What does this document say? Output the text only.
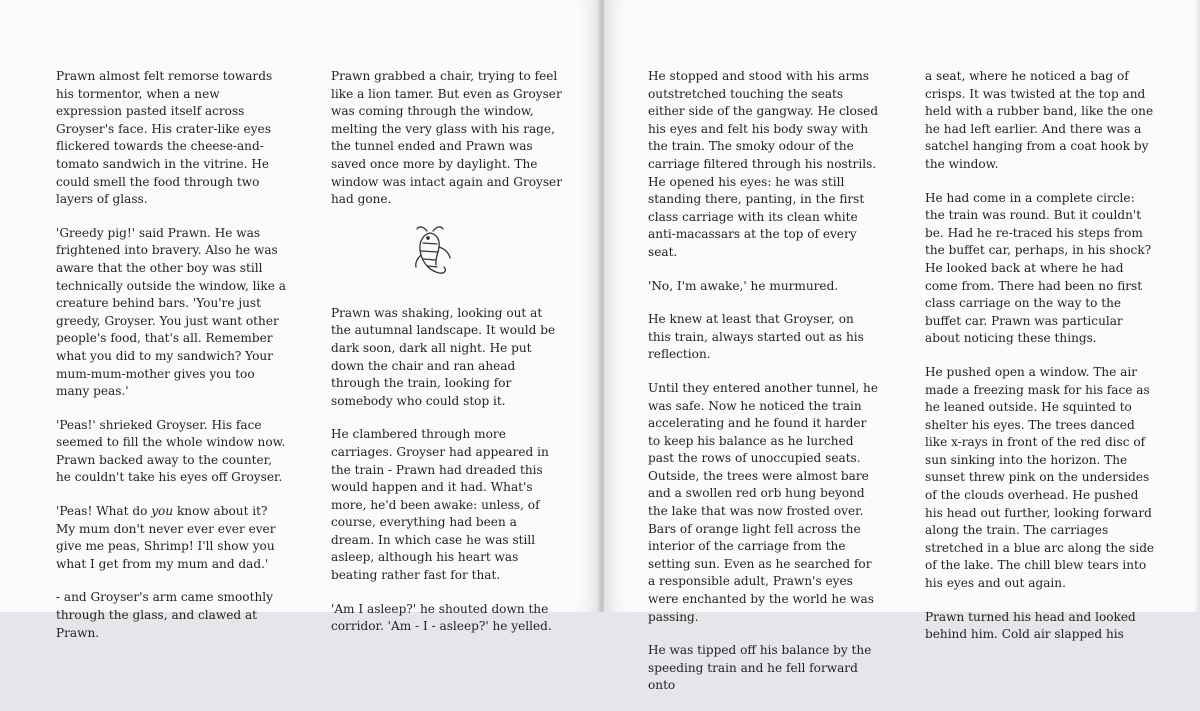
Prawn almost felt remorse towards his tormentor, when a new expression pasted itself across Groyser's face. His crater-like eyes flickered towards the cheese-and-tomato sandwich in the vitrine. He could smell the food through two layers of glass.

'Greedy pig!' said Prawn. He was frightened into bravery. Also he was aware that the other boy was still technically outside the window, like a creature behind bars. 'You're just greedy, Groyser. You just want other people's food, that's all. Remember what you did to my sandwich? Your mum-mum-mother gives you too many peas.'

'Peas!' shrieked Groyser. His face seemed to fill the whole window now. Prawn backed away to the counter, he couldn't take his eyes off Groyser.

'Peas! What do you know about it? My mum don't never ever ever ever give me peas, Shrimp! I'll show you what I get from my mum and dad.'

- and Groyser's arm came smoothly through the glass, and clawed at Prawn.

Prawn grabbed a chair, trying to feel like a lion tamer. But even as Groyser was coming through the window, melting the very glass with his rage, the tunnel ended and Prawn was saved once more by daylight. The window was intact again and Groyser had gone.

Prawn was shaking, looking out at the autumnal landscape. It would be dark soon, dark all night. He put down the chair and ran ahead through the train, looking for somebody who could stop it.

He clambered through more carriages. Groyser had appeared in the train - Prawn had dreaded this would happen and it had. What's more, he'd been awake: unless, of course, everything had been a dream. In which case he was still asleep, although his heart was beating rather fast for that.

'Am I asleep?' he shouted down the corridor. 'Am - I - asleep?' he yelled.

He stopped and stood with his arms outstretched touching the seats either side of the gangway. He closed his eyes and felt his body sway with the train. The smoky odour of the carriage filtered through his nostrils. He opened his eyes: he was still standing there, panting, in the first class carriage with its clean white anti-macassars at the top of every seat.

'No, I'm awake,' he murmured.

He knew at least that Groyser, on this train, always started out as his reflection.

Until they entered another tunnel, he was safe. Now he noticed the train accelerating and he found it harder to keep his balance as he lurched past the rows of unoccupied seats. Outside, the trees were almost bare and a swollen red orb hung beyond the lake that was now frosted over. Bars of orange light fell across the interior of the carriage from the setting sun. Even as he searched for a responsible adult, Prawn's eyes were enchanted by the world he was passing.

He was tipped off his balance by the speeding train and he fell forward onto

a seat, where he noticed a bag of crisps. It was twisted at the top and held with a rubber band, like the one he had left earlier. And there was a satchel hanging from a coat hook by the window.

He had come in a complete circle: the train was round. But it couldn't be. Had he re-traced his steps from the buffet car, perhaps, in his shock? He looked back at where he had come from. There had been no first class carriage on the way to the buffet car. Prawn was particular about noticing these things.

He pushed open a window. The air made a freezing mask for his face as he leaned outside. He squinted to shelter his eyes. The trees danced like x-rays in front of the red disc of sun sinking into the horizon. The sunset threw pink on the undersides of the clouds overhead. He pushed his head out further, looking forward along the train. The carriages stretched in a blue arc along the side of the lake. The chill blew tears into his eyes and out again.

Prawn turned his head and looked behind him. Cold air slapped his
